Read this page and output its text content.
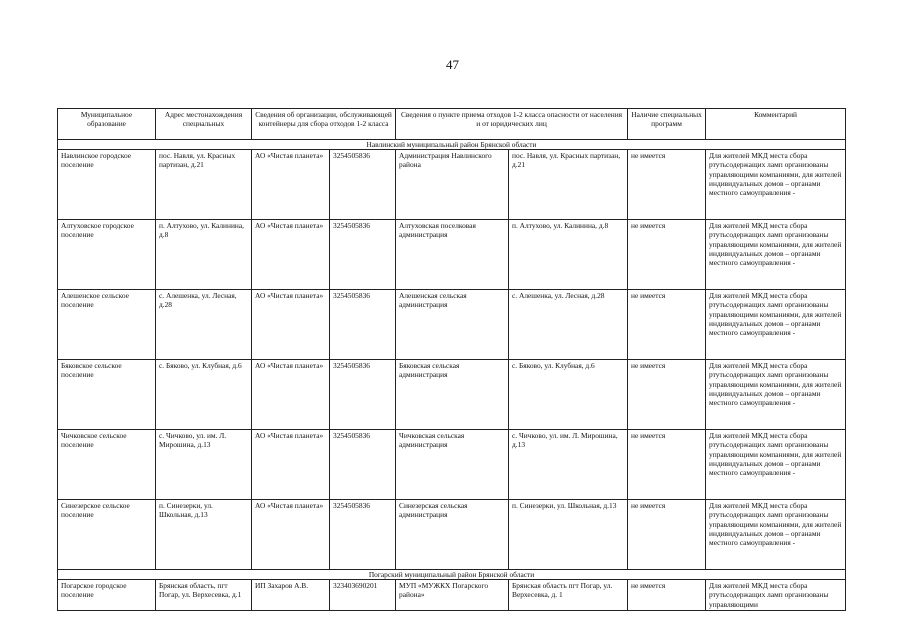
47
Муниципальное образование	Адрес местонахождения специальных	Сведения об организации, обслуживающей контейнеры для сбора отходов 1-2 класса		Сведения о пункте приема отходов 1-2 класса опасности от населения и от юридических лиц		Наличие специальных программ	Комментарий
Навлинский муниципальный район Брянской области							
Навлинское городское поселение	пос. Навля, ул. Красных партизан, д.21	АО «Чистая планета»	3254505836	Администрация Навлинского района	пос. Навля, ул. Красных партизан, д.21	не имеется	Для жителей МКД места сбора ртутьсодержащих ламп организованы управляющими компаниями, для жителей индивидуальных домов – органами местного самоуправления -
Алтуховское городское поселение	п. Алтухово, ул. Калинина, д.8	АО «Чистая планета»	3254505836	Алтуховская поселковая администрация	п. Алтухово, ул. Калинина, д.8	не имеется	Для жителей МКД места сбора ртутьсодержащих ламп организованы управляющими компаниями, для жителей индивидуальных домов – органами местного самоуправления -
Алешенское сельское поселение	с. Алешенка, ул. Лесная, д.28	АО «Чистая планета»	3254505836	Алешенская сельская администрация	с. Алешенка, ул. Лесная, д.28	не имеется	Для жителей МКД места сбора ртутьсодержащих ламп организованы управляющими компаниями, для жителей индивидуальных домов – органами местного самоуправления -
Бяковское сельское поселение	с. Бяково, ул. Клубная, д.6	АО «Чистая планета»	3254505836	Бяковская сельская администрация	с. Бяково, ул. Клубная, д.6	не имеется	Для жителей МКД места сбора ртутьсодержащих ламп организованы управляющими компаниями, для жителей индивидуальных домов – органами местного самоуправления -
Чичковское сельское поселение	с. Чичково, ул. им. Л. Мирошина, д.13	АО «Чистая планета»	3254505836	Чичковская сельская администрация	с. Чичково, ул. им. Л. Мирошина, д.13	не имеется	Для жителей МКД места сбора ртутьсодержащих ламп организованы управляющими компаниями, для жителей индивидуальных домов – органами местного самоуправления -
Синезерское сельское поселение	п. Синезерки, ул. Школьная, д.13	АО «Чистая планета»	3254505836	Синезерская сельская администрация	п. Синезерки, ул. Школьная, д.13	не имеется	Для жителей МКД места сбора ртутьсодержащих ламп организованы управляющими компаниями, для жителей индивидуальных домов – органами местного самоуправления -
Погарский муниципальный район Брянской области							
Погарское городское поселение	Брянская область, пгт Погар, ул. Верхесевка, д.1	ИП Захаров А.В.	323403690201	МУП «МУЖКХ Погарского района»	Брянская область пгт Погар, ул. Верхесевка, д. 1	не имеется	Для жителей МКД места сбора ртутьсодержащих ламп организованы управляющими
